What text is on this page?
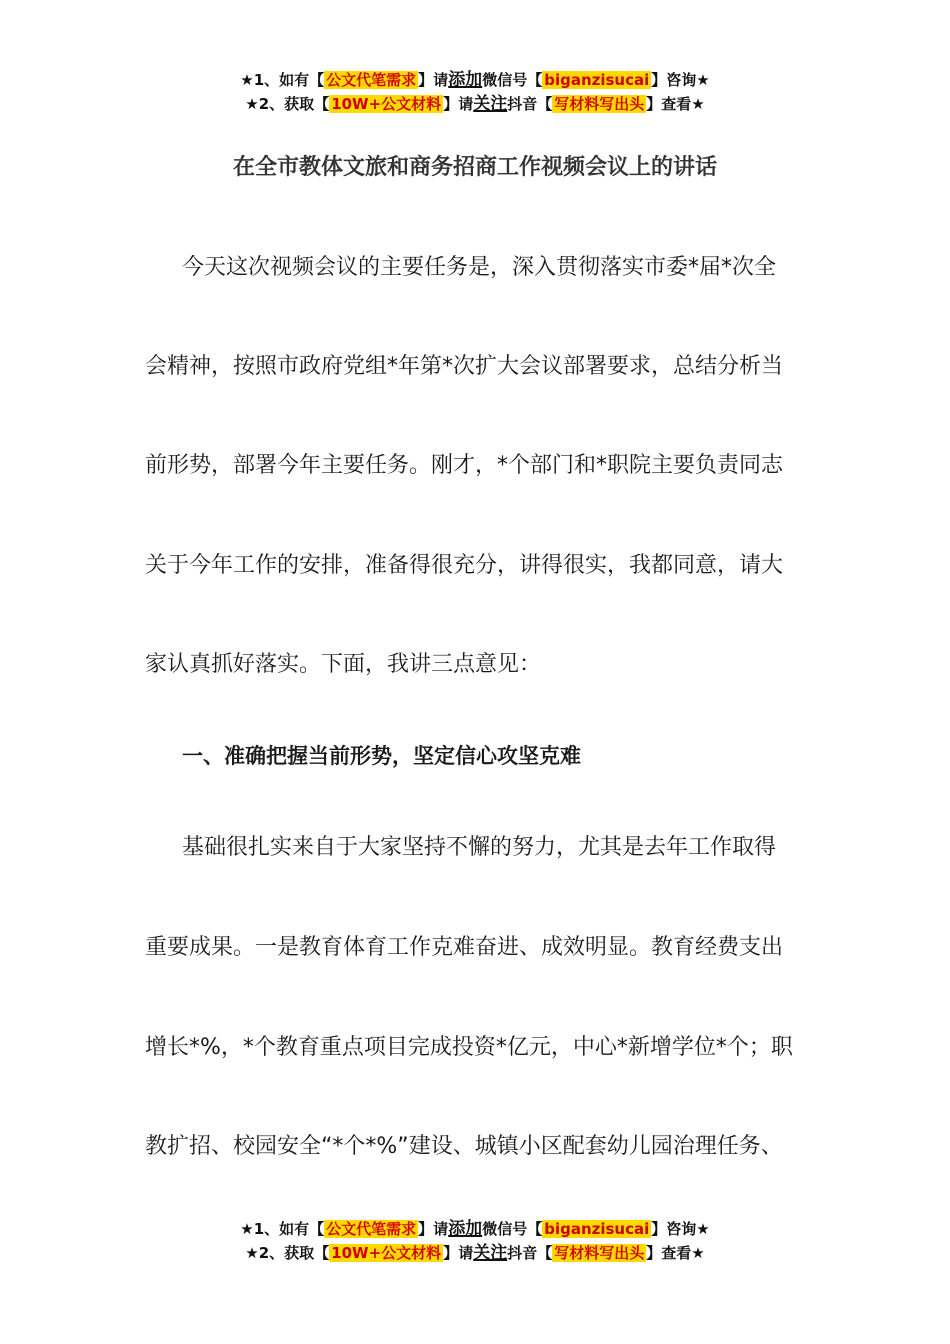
★1、如有【 公文代笔需求 】请添加微信号【 biganzisucai 】咨询★
★2、获取【 10W+公文材料 】请关注抖音【 写材料写出头 】查看★
在全市教体文旅和商务招商工作视频会议上的讲话
今天这次视频会议的主要任务是，深入贯彻落实市委*届*次全
会精神，按照市政府党组*年第*次扩大会议部署要求，总结分析当
前形势，部署今年主要任务。刚才，*个部门和*职院主要负责同志
关于今年工作的安排，准备得很充分，讲得很实，我都同意，请大
家认真抓好落实。下面，我讲三点意见：
一、准确把握当前形势，坚定信心攻坚克难
基础很扎实来自于大家坚持不懈的努力，尤其是去年工作取得
重要成果。一是教育体育工作克难奋进、成效明显。教育经费支出
增长*%，*个教育重点项目完成投资*亿元，中心*新增学位*个；职
教扩招、校园安全“*个*%”建设、城镇小区配套幼儿园治理任务、
★1、如有【 公文代笔需求 】请添加微信号【 biganzisucai 】咨询★
★2、获取【 10W+公文材料 】请关注抖音【 写材料写出头 】查看★
